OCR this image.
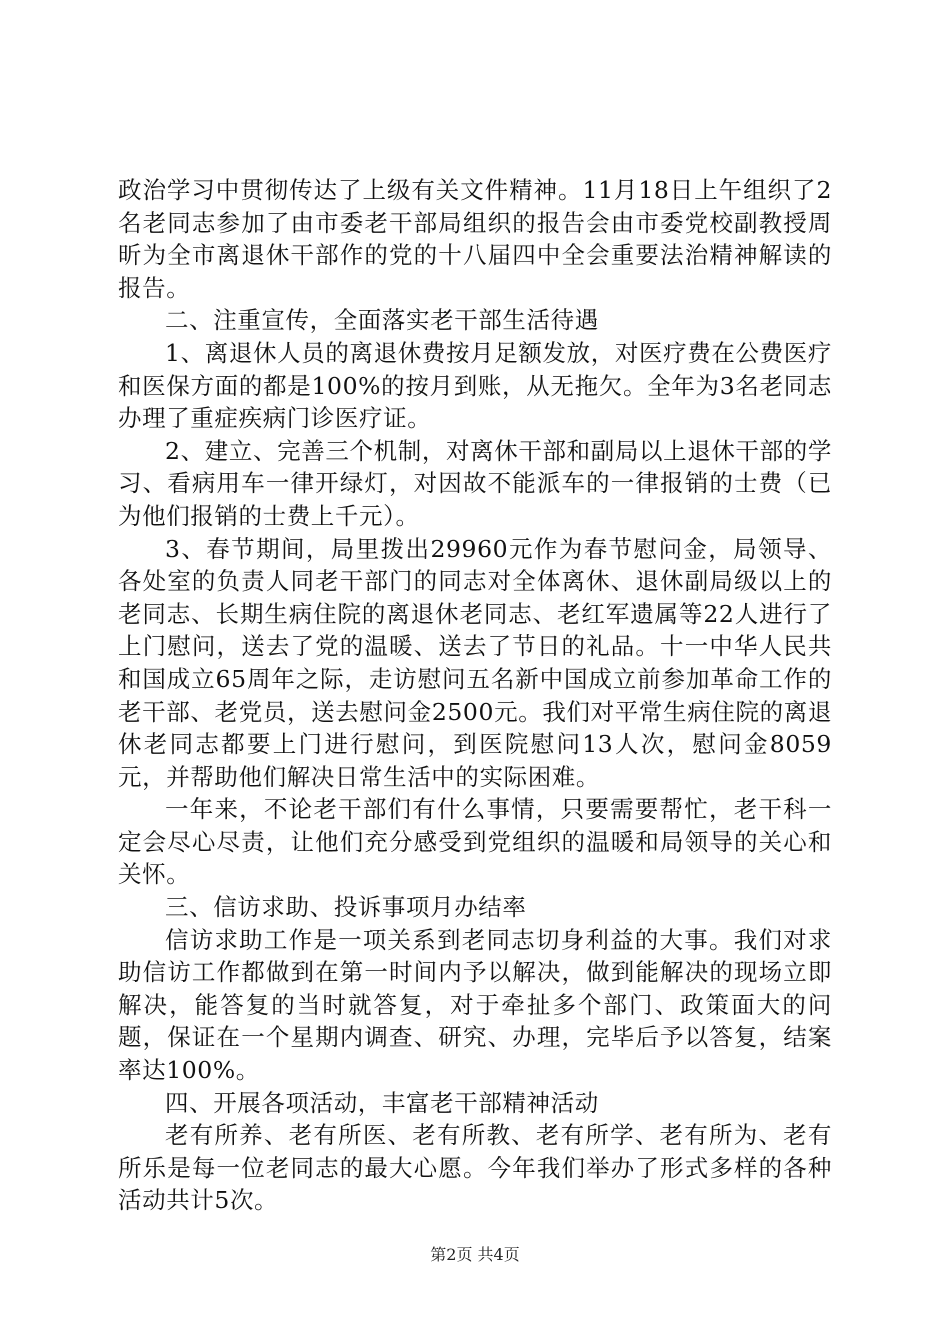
政治学习中贯彻传达了上级有关文件精神。11月18日上午组织了2名老同志参加了由市委老干部局组织的报告会由市委党校副教授周昕为全市离退休干部作的党的十八届四中全会重要法治精神解读的报告。

二、注重宣传，全面落实老干部生活待遇

1、离退休人员的离退休费按月足额发放，对医疗费在公费医疗和医保方面的都是100%的按月到账，从无拖欠。全年为3名老同志办理了重症疾病门诊医疗证。

2、建立、完善三个机制，对离休干部和副局以上退休干部的学习、看病用车一律开绿灯，对因故不能派车的一律报销的士费（已为他们报销的士费上千元）。

3、春节期间，局里拨出29960元作为春节慰问金，局领导、各处室的负责人同老干部门的同志对全体离休、退休副局级以上的老同志、长期生病住院的离退休老同志、老红军遗属等22人进行了上门慰问，送去了党的温暖、送去了节日的礼品。十一中华人民共和国成立65周年之际，走访慰问五名新中国成立前参加革命工作的老干部、老党员，送去慰问金2500元。我们对平常生病住院的离退休老同志都要上门进行慰问，到医院慰问13人次，慰问金8059元，并帮助他们解决日常生活中的实际困难。

一年来，不论老干部们有什么事情，只要需要帮忙，老干科一定会尽心尽责，让他们充分感受到党组织的温暖和局领导的关心和关怀。

三、信访求助、投诉事项月办结率

信访求助工作是一项关系到老同志切身利益的大事。我们对求助信访工作都做到在第一时间内予以解决，做到能解决的现场立即解决，能答复的当时就答复，对于牵扯多个部门、政策面大的问题，保证在一个星期内调查、研究、办理，完毕后予以答复，结案率达100%。

四、开展各项活动，丰富老干部精神活动

老有所养、老有所医、老有所教、老有所学、老有所为、老有所乐是每一位老同志的最大心愿。今年我们举办了形式多样的各种活动共计5次。

第2页 共4页
